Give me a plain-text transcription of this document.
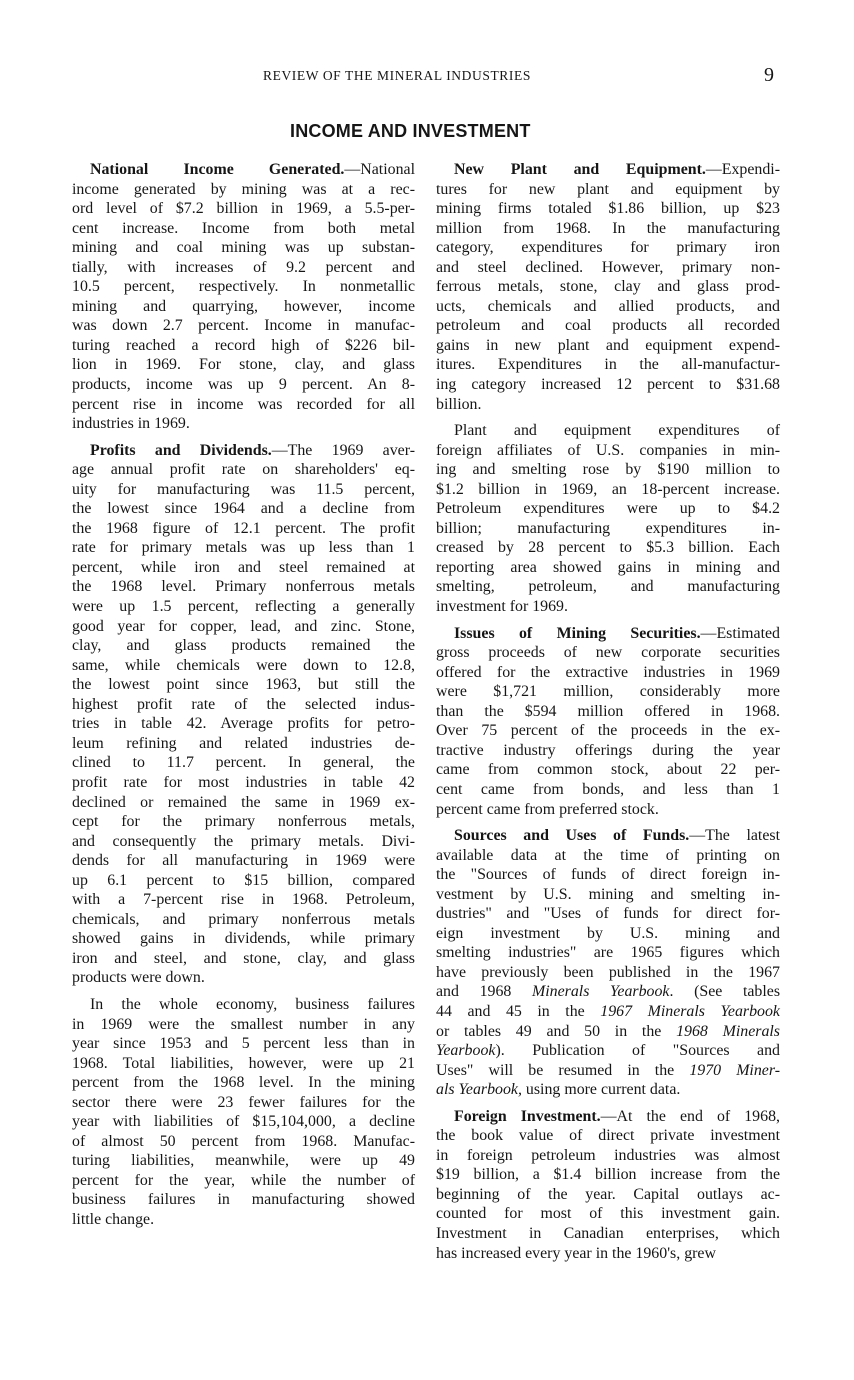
REVIEW OF THE MINERAL INDUSTRIES	9
INCOME AND INVESTMENT

National Income Generated.—National
income generated by mining was at a rec-
ord level of $7.2 billion in 1969, a 5.5-per-
cent increase. Income from both metal
mining and coal mining was up substan-
tially, with increases of 9.2 percent and
10.5 percent, respectively. In nonmetallic
mining and quarrying, however, income
was down 2.7 percent. Income in manufac-
turing reached a record high of $226 bil-
lion in 1969. For stone, clay, and glass
products, income was up 9 percent. An 8-
percent rise in income was recorded for all
industries in 1969.

Profits and Dividends.—The 1969 aver-
age annual profit rate on shareholders' eq-
uity for manufacturing was 11.5 percent,
the lowest since 1964 and a decline from
the 1968 figure of 12.1 percent. The profit
rate for primary metals was up less than 1
percent, while iron and steel remained at
the 1968 level. Primary nonferrous metals
were up 1.5 percent, reflecting a generally
good year for copper, lead, and zinc. Stone,
clay, and glass products remained the
same, while chemicals were down to 12.8,
the lowest point since 1963, but still the
highest profit rate of the selected indus-
tries in table 42. Average profits for petro-
leum refining and related industries de-
clined to 11.7 percent. In general, the
profit rate for most industries in table 42
declined or remained the same in 1969 ex-
cept for the primary nonferrous metals,
and consequently the primary metals. Divi-
dends for all manufacturing in 1969 were
up 6.1 percent to $15 billion, compared
with a 7-percent rise in 1968. Petroleum,
chemicals, and primary nonferrous metals
showed gains in dividends, while primary
iron and steel, and stone, clay, and glass
products were down.

In the whole economy, business failures
in 1969 were the smallest number in any
year since 1953 and 5 percent less than in
1968. Total liabilities, however, were up 21
percent from the 1968 level. In the mining
sector there were 23 fewer failures for the
year with liabilities of $15,104,000, a decline
of almost 50 percent from 1968. Manufac-
turing liabilities, meanwhile, were up 49
percent for the year, while the number of
business failures in manufacturing showed
little change.

New Plant and Equipment.—Expendi-
tures for new plant and equipment by
mining firms totaled $1.86 billion, up $23
million from 1968. In the manufacturing
category, expenditures for primary iron
and steel declined. However, primary non-
ferrous metals, stone, clay and glass prod-
ucts, chemicals and allied products, and
petroleum and coal products all recorded
gains in new plant and equipment expend-
itures. Expenditures in the all-manufactur-
ing category increased 12 percent to $31.68
billion.

Plant and equipment expenditures of
foreign affiliates of U.S. companies in min-
ing and smelting rose by $190 million to
$1.2 billion in 1969, an 18-percent increase.
Petroleum expenditures were up to $4.2
billion; manufacturing expenditures in-
creased by 28 percent to $5.3 billion. Each
reporting area showed gains in mining and
smelting, petroleum, and manufacturing
investment for 1969.

Issues of Mining Securities.—Estimated
gross proceeds of new corporate securities
offered for the extractive industries in 1969
were $1,721 million, considerably more
than the $594 million offered in 1968.
Over 75 percent of the proceeds in the ex-
tractive industry offerings during the year
came from common stock, about 22 per-
cent came from bonds, and less than 1
percent came from preferred stock.

Sources and Uses of Funds.—The latest
available data at the time of printing on
the "Sources of funds of direct foreign in-
vestment by U.S. mining and smelting in-
dustries" and "Uses of funds for direct for-
eign investment by U.S. mining and
smelting industries" are 1965 figures which
have previously been published in the 1967
and 1968 Minerals Yearbook. (See tables
44 and 45 in the 1967 Minerals Yearbook
or tables 49 and 50 in the 1968 Minerals
Yearbook). Publication of "Sources and
Uses" will be resumed in the 1970 Miner-
als Yearbook, using more current data.

Foreign Investment.—At the end of 1968,
the book value of direct private investment
in foreign petroleum industries was almost
$19 billion, a $1.4 billion increase from the
beginning of the year. Capital outlays ac-
counted for most of this investment gain.
Investment in Canadian enterprises, which
has increased every year in the 1960's, grew
